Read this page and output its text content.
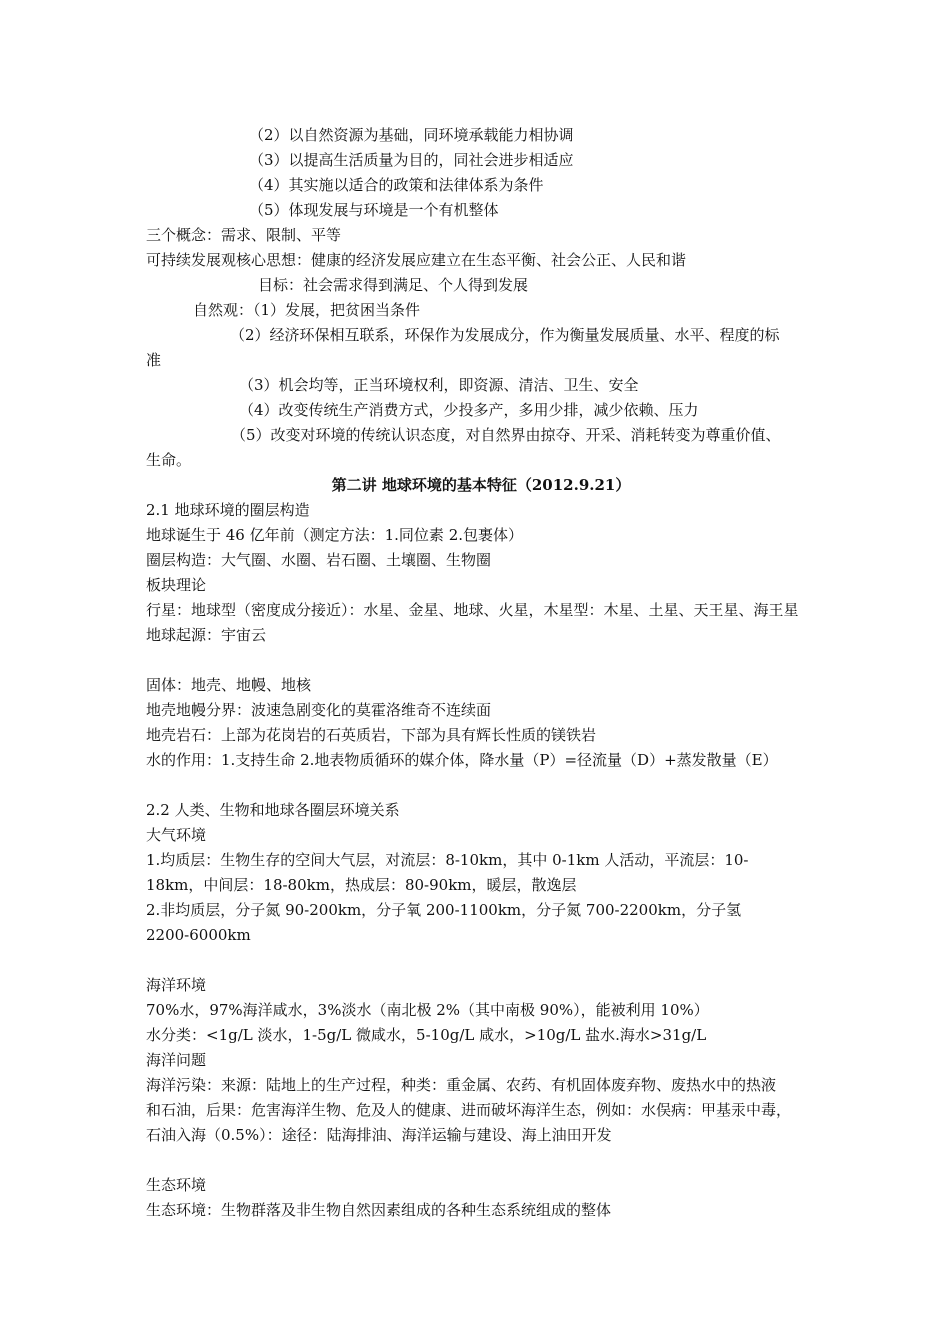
（2）以自然资源为基础，同环境承载能力相协调
（3）以提高生活质量为目的，同社会进步相适应
（4）其实施以适合的政策和法律体系为条件
（5）体现发展与环境是一个有机整体
三个概念：需求、限制、平等
可持续发展观核心思想：健康的经济发展应建立在生态平衡、社会公正、人民和谐
目标：社会需求得到满足、个人得到发展
自然观：（1）发展，把贫困当条件
（2）经济环保相互联系，环保作为发展成分，作为衡量发展质量、水平、程度的标
准
（3）机会均等，正当环境权利，即资源、清洁、卫生、安全
（4）改变传统生产消费方式，少投多产，多用少排，减少依赖、压力
（5）改变对环境的传统认识态度，对自然界由掠夺、开采、消耗转变为尊重价值、
生命。
第二讲 地球环境的基本特征（2012.9.21）
2.1 地球环境的圈层构造
地球诞生于 46 亿年前（测定方法：1.同位素 2.包裹体）
圈层构造：大气圈、水圈、岩石圈、土壤圈、生物圈
板块理论
行星：地球型（密度成分接近）：水星、金星、地球、火星，木星型：木星、土星、天王星、海王星
地球起源：宇宙云
固体：地壳、地幔、地核
地壳地幔分界：波速急剧变化的莫霍洛维奇不连续面
地壳岩石：上部为花岗岩的石英质岩，下部为具有辉长性质的镁铁岩
水的作用：1.支持生命 2.地表物质循环的媒介体，降水量（P）=径流量（D）+蒸发散量（E）
2.2 人类、生物和地球各圈层环境关系
大气环境
1.均质层：生物生存的空间大气层，对流层：8-10km，其中 0-1km 人活动，平流层：10-
18km，中间层：18-80km，热成层：80-90km，暖层，散逸层
2.非均质层，分子氮 90-200km，分子氧 200-1100km，分子氮 700-2200km，分子氢
2200-6000km
海洋环境
70%水，97%海洋咸水，3%淡水（南北极 2%（其中南极 90%），能被利用 10%）
水分类：<1g/L 淡水，1-5g/L 微咸水，5-10g/L 咸水，>10g/L 盐水.海水>31g/L
海洋问题
海洋污染：来源：陆地上的生产过程，种类：重金属、农药、有机固体废弃物、废热水中的热液
和石油，后果：危害海洋生物、危及人的健康、进而破坏海洋生态，例如：水俣病：甲基汞中毒，
石油入海（0.5%）：途径：陆海排油、海洋运输与建设、海上油田开发
生态环境
生态环境：生物群落及非生物自然因素组成的各种生态系统组成的整体
